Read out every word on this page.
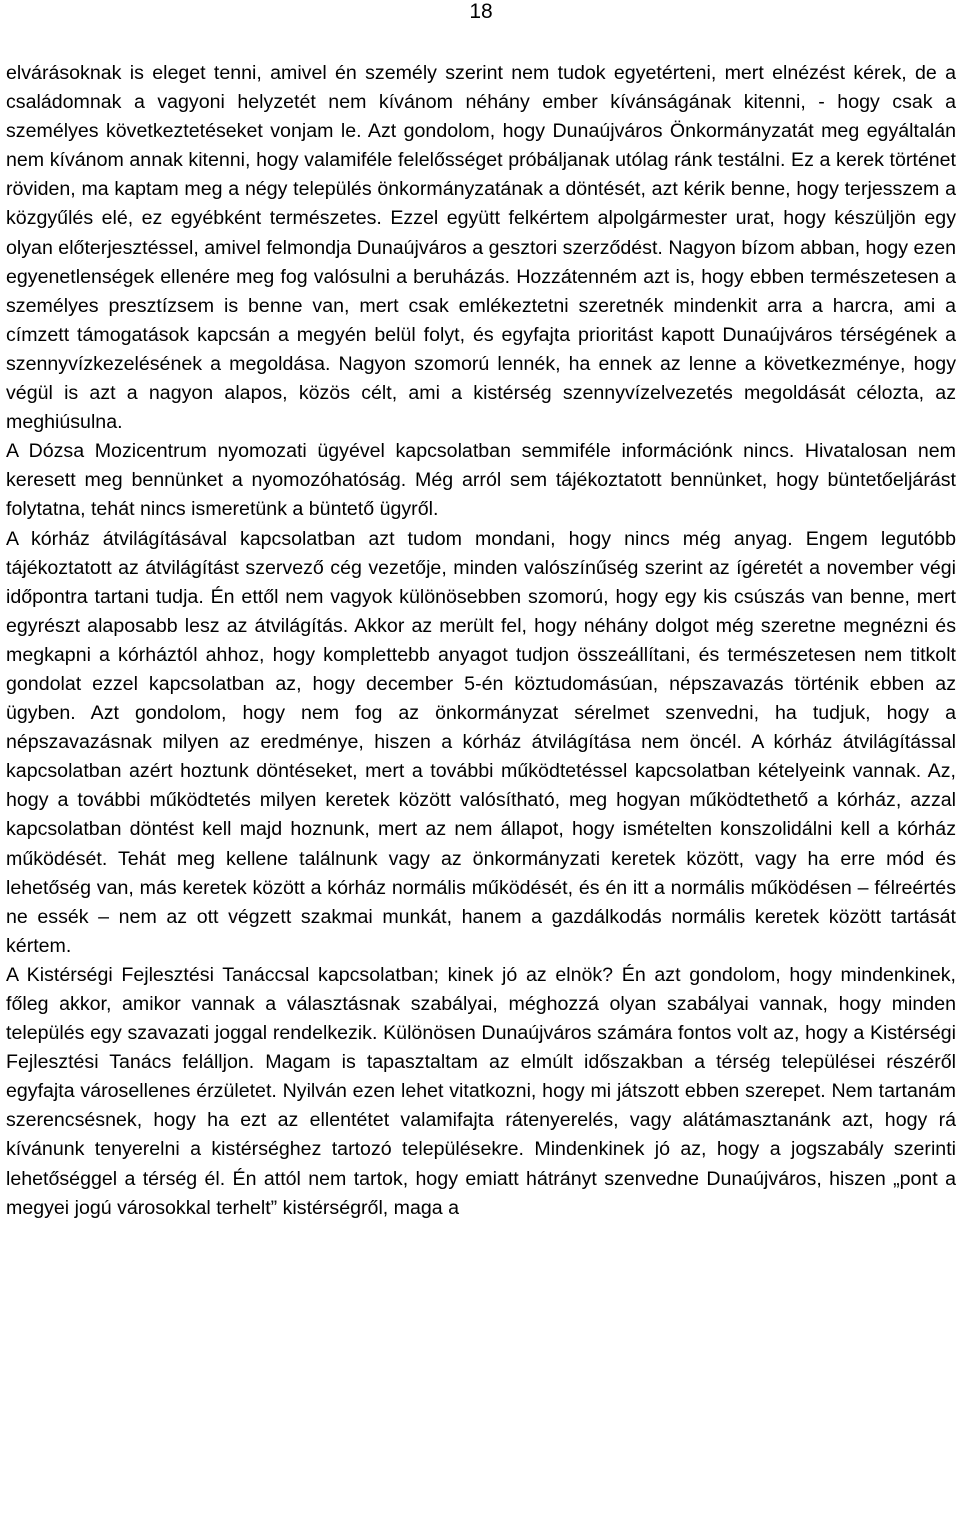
18

elvárásoknak is eleget tenni, amivel én személy szerint nem tudok egyetérteni, mert elnézést kérek, de a családomnak a vagyoni helyzetét nem kívánom néhány ember kívánságának kitenni, - hogy csak a személyes következtetéseket vonjam le. Azt gondolom, hogy Dunaújváros Önkormányzatát meg egyáltalán nem kívánom annak kitenni, hogy valamiféle felelősséget próbáljanak utólag ránk testálni. Ez a kerek történet röviden, ma kaptam meg a négy település önkormányzatának a döntését, azt kérik benne, hogy terjesszem a közgyűlés elé, ez egyébként természetes. Ezzel együtt felkértem alpolgármester urat, hogy készüljön egy olyan előterjesztéssel, amivel felmondja Dunaújváros a gesztori szerződést. Nagyon bízom abban, hogy ezen egyenetlenségek ellenére meg fog valósulni a beruházás. Hozzátenném azt is, hogy ebben természetesen a személyes presztízsem is benne van, mert csak emlékeztetni szeretnék mindenkit arra a harcra, ami a címzett támogatások kapcsán a megyén belül folyt, és egyfajta prioritást kapott Dunaújváros térségének a szennyvízkezelésének a megoldása. Nagyon szomorú lennék, ha ennek az lenne a következménye, hogy végül is azt a nagyon alapos, közös célt, ami a kistérség szennyvízelvezetés megoldását célozta, az meghiúsulna.

A Dózsa Mozicentrum nyomozati ügyével kapcsolatban semmiféle információnk nincs. Hivatalosan nem keresett meg bennünket a nyomozóhatóság. Még arról sem tájékoztatott bennünket, hogy büntetőeljárást folytatna, tehát nincs ismeretünk a büntető ügyről.

A kórház átvilágításával kapcsolatban azt tudom mondani, hogy nincs még anyag. Engem legutóbb tájékoztatott az átvilágítást szervező cég vezetője, minden valószínűség szerint az ígéretét a november végi időpontra tartani tudja. Én ettől nem vagyok különösebben szomorú, hogy egy kis csúszás van benne, mert egyrészt alaposabb lesz az átvilágítás. Akkor az merült fel, hogy néhány dolgot még szeretne megnézni és megkapni a kórháztól ahhoz, hogy komplettebb anyagot tudjon összeállítani, és természetesen nem titkolt gondolat ezzel kapcsolatban az, hogy december 5-én köztudomásúan, népszavazás történik ebben az ügyben. Azt gondolom, hogy nem fog az önkormányzat sérelmet szenvedni, ha tudjuk, hogy a népszavazásnak milyen az eredménye, hiszen a kórház átvilágítása nem öncél. A kórház átvilágítással kapcsolatban azért hoztunk döntéseket, mert a további működtetéssel kapcsolatban kételyeink vannak. Az, hogy a további működtetés milyen keretek között valósítható, meg hogyan működtethető a kórház, azzal kapcsolatban döntést kell majd hoznunk, mert az nem állapot, hogy ismételten konszolidálni kell a kórház működését. Tehát meg kellene találnunk vagy az önkormányzati keretek között, vagy ha erre mód és lehetőség van, más keretek között a kórház normális működését, és én itt a normális működésen – félreértés ne essék – nem az ott végzett szakmai munkát, hanem a gazdálkodás normális keretek között tartását kértem.

A Kistérségi Fejlesztési Tanáccsal kapcsolatban; kinek jó az elnök? Én azt gondolom, hogy mindenkinek, főleg akkor, amikor vannak a választásnak szabályai, méghozzá olyan szabályai vannak, hogy minden település egy szavazati joggal rendelkezik. Különösen Dunaújváros számára fontos volt az, hogy a Kistérségi Fejlesztési Tanács felálljon. Magam is tapasztaltam az elmúlt időszakban a térség települései részéről egyfajta városellenes érzületet. Nyilván ezen lehet vitatkozni, hogy mi játszott ebben szerepet. Nem tartanám szerencsésnek, hogy ha ezt az ellentétet valamifajta rátenyerelés, vagy alátámasztanánk azt, hogy rá kívánunk tenyerelni a kistérséghez tartozó településekre. Mindenkinek jó az, hogy a jogszabály szerinti lehetőséggel a térség él. Én attól nem tartok, hogy emiatt hátrányt szenvedne Dunaújváros, hiszen „pont a megyei jogú városokkal terhelt” kistérségről, maga a
